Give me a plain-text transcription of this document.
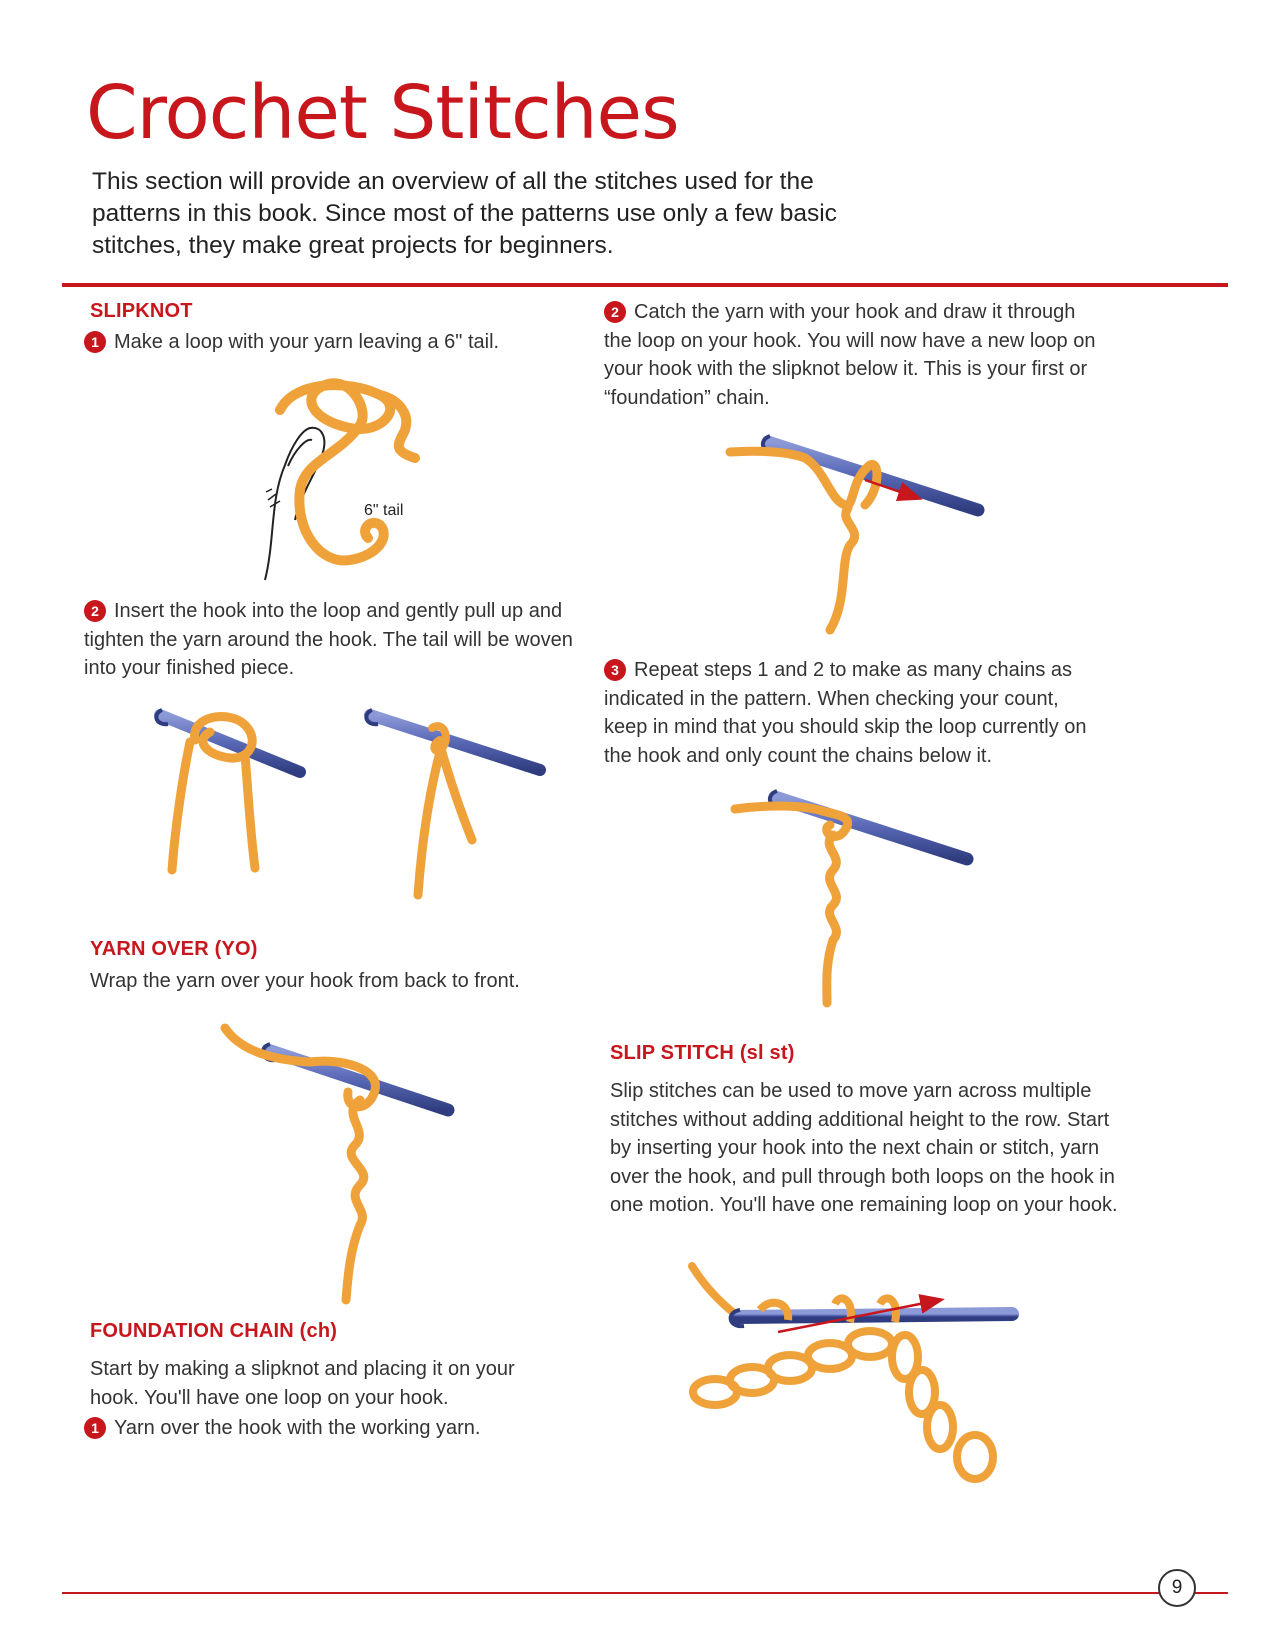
Crochet Stitches

This section will provide an overview of all the stitches used for the patterns in this book. Since most of the patterns use only a few basic stitches, they make great projects for beginners.

SLIPKNOT

1 Make a loop with your yarn leaving a 6" tail.

6" tail

2 Insert the hook into the loop and gently pull up and tighten the yarn around the hook. The tail will be woven into your finished piece.

YARN OVER (YO)

Wrap the yarn over your hook from back to front.

FOUNDATION CHAIN (ch)

Start by making a slipknot and placing it on your hook. You'll have one loop on your hook.

1 Yarn over the hook with the working yarn.

2 Catch the yarn with your hook and draw it through the loop on your hook. You will now have a new loop on your hook with the slipknot below it. This is your first or “foundation” chain.

3 Repeat steps 1 and 2 to make as many chains as indicated in the pattern. When checking your count, keep in mind that you should skip the loop currently on the hook and only count the chains below it.

SLIP STITCH (sl st)

Slip stitches can be used to move yarn across multiple stitches without adding additional height to the row. Start by inserting your hook into the next chain or stitch, yarn over the hook, and pull through both loops on the hook in one motion. You'll have one remaining loop on your hook.

9
